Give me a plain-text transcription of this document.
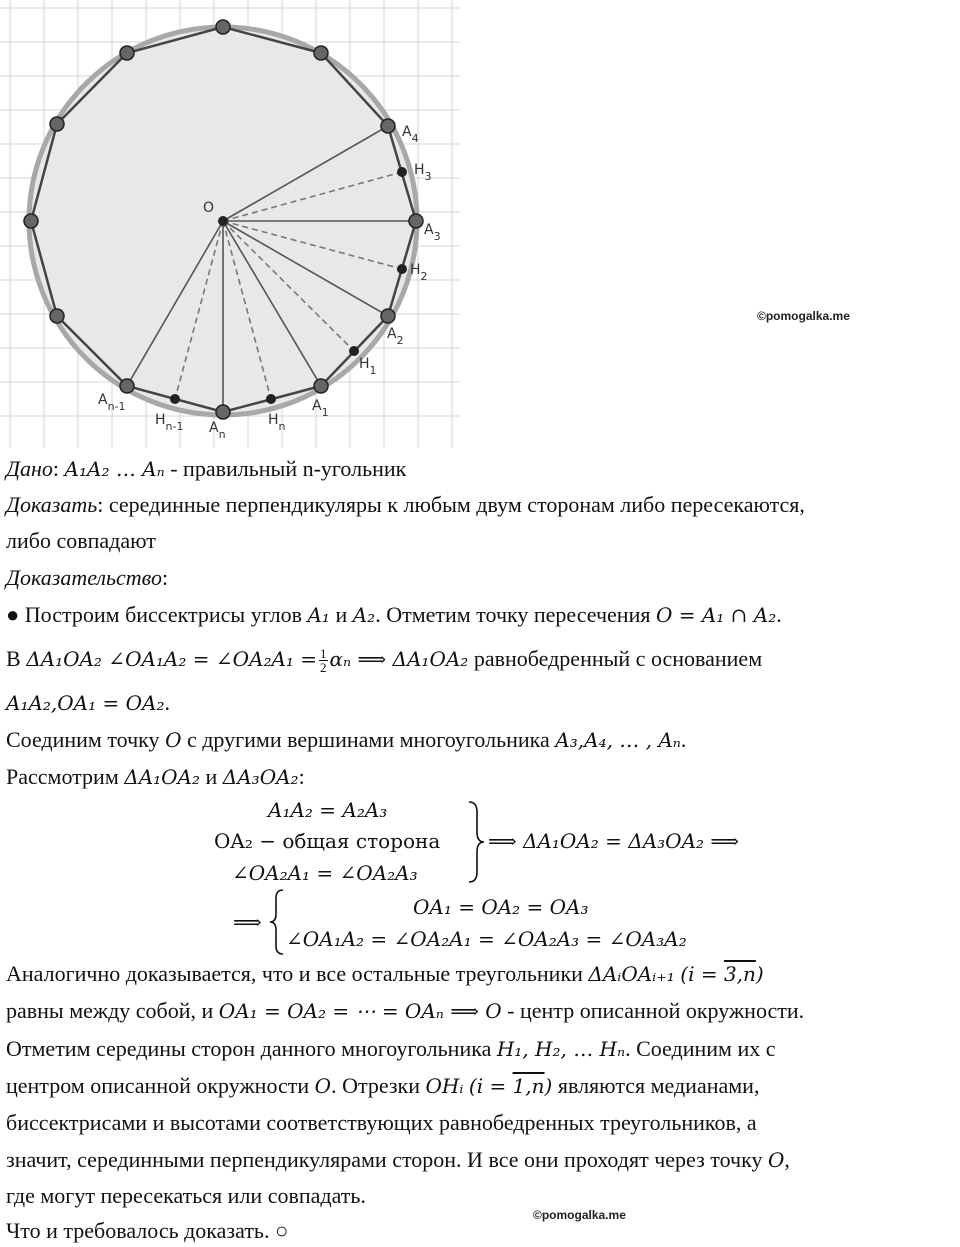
O
$A_4$
$H_3$
$A_3$
$H_2$
$A_2$
$H_1$
$A_1$
$H_n$
$A_n$
$H_{n-1}$
$A_{n-1}$
©pomogalka.me
Дано: A₁A₂ … Aₙ - правильный n-угольник
Доказать: серединные перпендикуляры к любым двум сторонам либо пересекаются,
либо совпадают
Доказательство:
● Построим биссектрисы углов A₁ и A₂. Отметим точку пересечения O = A₁ ∩ A₂.
В ΔA₁OA₂ ∠OA₁A₂ = ∠OA₂A₁ = $\frac{1}{2}$ αₙ ⟹ ΔA₁OA₂ равнобедренный с основанием
A₁A₂,OA₁ = OA₂.
Соединим точку O с другими вершинами многоугольника A₃,A₄, … , Aₙ.
Рассмотрим ΔA₁OA₂ и ΔA₃OA₂:
A₁A₂ = A₂A₃
OA₂ − общая сторона
∠OA₂A₁ = ∠OA₂A₃
⟹ ΔA₁OA₂ = ΔA₃OA₂ ⟹
⟹
OA₁ = OA₂ = OA₃
∠OA₁A₂ = ∠OA₂A₁ = ∠OA₂A₃ = ∠OA₃A₂
Аналогично доказывается, что и все остальные треугольники ΔAᵢOAᵢ₊₁ (i = 3,n)
равны между собой, и OA₁ = OA₂ = ⋯ = OAₙ ⟹ O - центр описанной окружности.
Отметим середины сторон данного многоугольника H₁, H₂, … Hₙ. Соединим их с
центром описанной окружности O. Отрезки OHᵢ (i = 1,n) являются медианами,
биссектрисами и высотами соответствующих равнобедренных треугольников, а
значит, серединными перпендикулярами сторон. И все они проходят через точку O,
где могут пересекаться или совпадать.
©pomogalka.me
Что и требовалось доказать. ○
